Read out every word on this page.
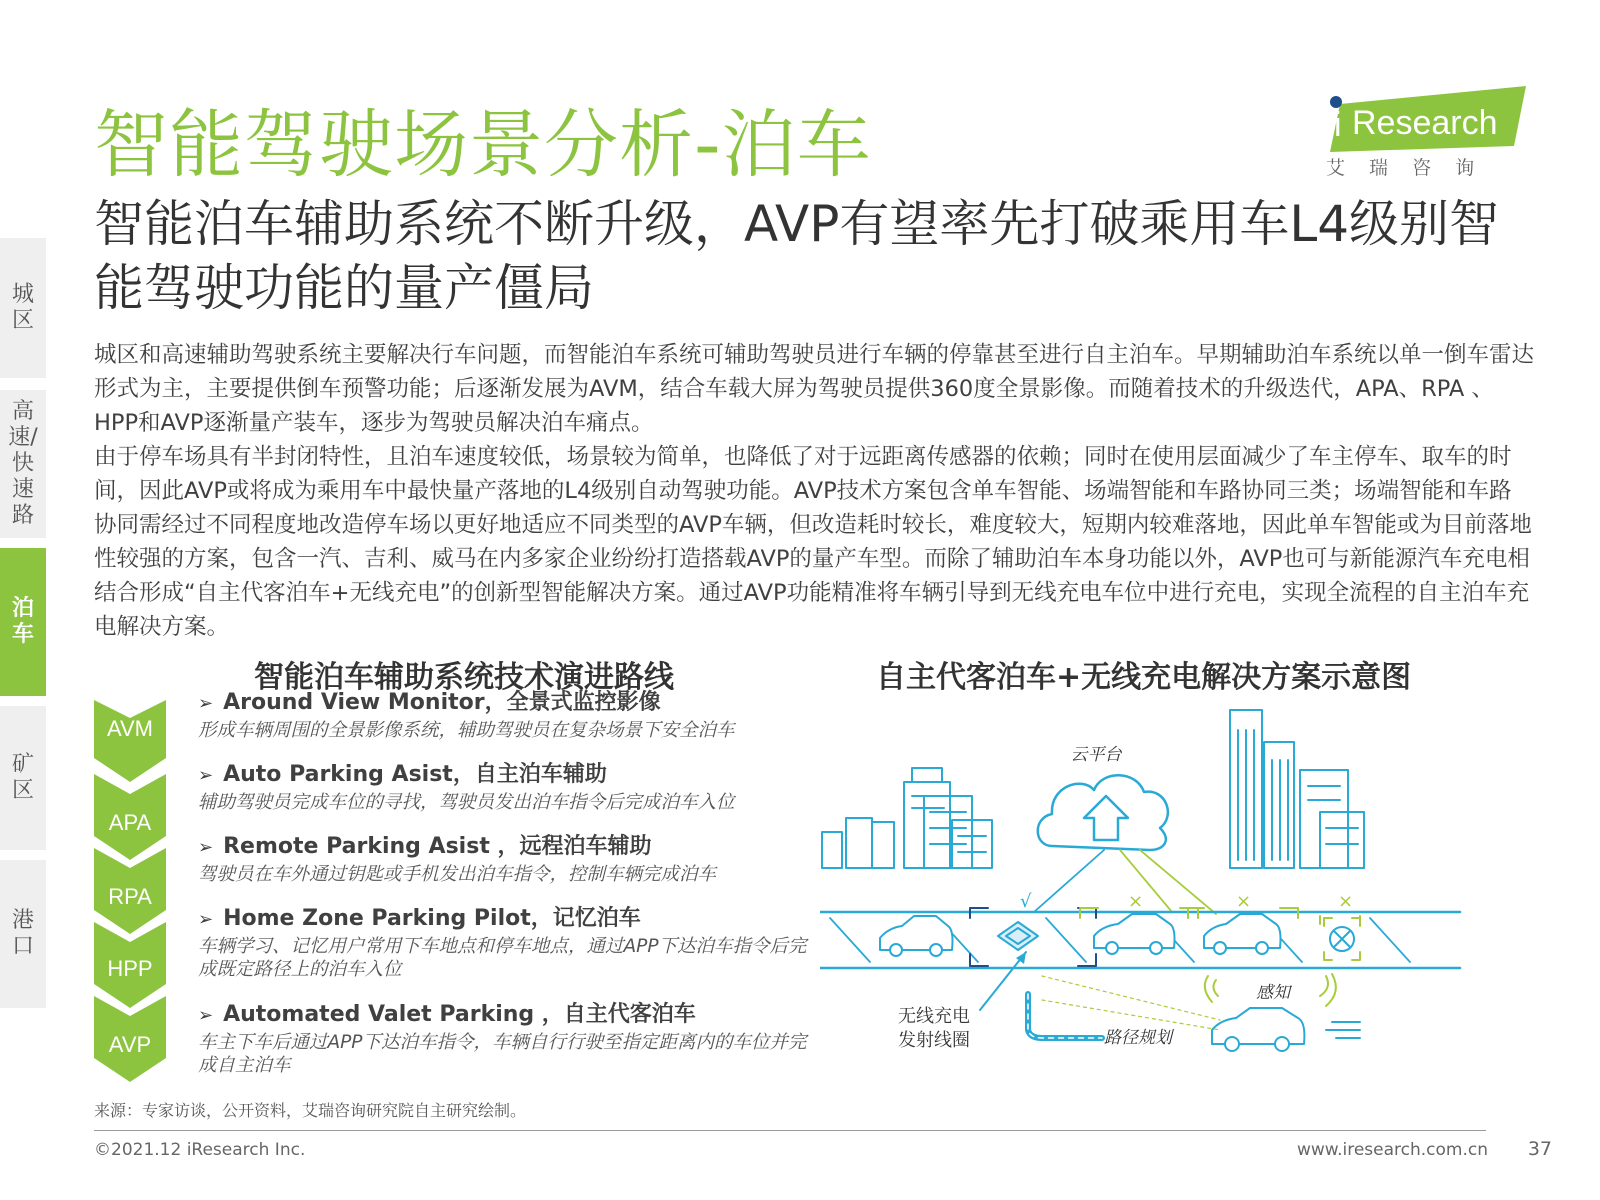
智能驾驶场景分析-泊车	i Research
艾 瑞 咨 询
智能泊车辅助系统不断升级，AVP有望率先打破乘用车L4级别智能驾驶功能的量产僵局
城区
高速/快速路
泊车
矿区
港口

城区和高速辅助驾驶系统主要解决行车问题，而智能泊车系统可辅助驾驶员进行车辆的停靠甚至进行自主泊车。早期辅助泊车系统以单一倒车雷达形式为主，主要提供倒车预警功能；后逐渐发展为AVM，结合车载大屏为驾驶员提供360度全景影像。而随着技术的升级迭代，APA、RPA 、HPP和AVP逐渐量产装车，逐步为驾驶员解决泊车痛点。

由于停车场具有半封闭特性，且泊车速度较低，场景较为简单，也降低了对于远距离传感器的依赖；同时在使用层面减少了车主停车、取车的时间，因此AVP或将成为乘用车中最快量产落地的L4级别自动驾驶功能。AVP技术方案包含单车智能、场端智能和车路协同三类；场端智能和车路协同需经过不同程度地改造停车场以更好地适应不同类型的AVP车辆，但改造耗时较长，难度较大，短期内较难落地，因此单车智能或为目前落地性较强的方案，包含一汽、吉利、威马在内多家企业纷纷打造搭载AVP的量产车型。而除了辅助泊车本身功能以外，AVP也可与新能源汽车充电相结合形成“自主代客泊车+无线充电”的创新型智能解决方案。通过AVP功能精准将车辆引导到无线充电车位中进行充电，实现全流程的自主泊车充电解决方案。

智能泊车辅助系统技术演进路线	自主代客泊车+无线充电解决方案示意图
AVM
APA
RPA
HPP
AVP
➢ Around View Monitor，全景式监控影像
形成车辆周围的全景影像系统，辅助驾驶员在复杂场景下安全泊车
➢ Auto Parking Asist，自主泊车辅助
辅助驾驶员完成车位的寻找，驾驶员发出泊车指令后完成泊车入位
➢ Remote Parking Asist ，远程泊车辅助
驾驶员在车外通过钥匙或手机发出泊车指令，控制车辆完成泊车
➢ Home Zone Parking Pilot，记忆泊车
车辆学习、记忆用户常用下车地点和停车地点，通过APP下达泊车指令后完成既定路径上的泊车入位
➢ Automated Valet Parking ，自主代客泊车
车主下车后通过APP下达泊车指令，车辆自行行驶至指定距离内的车位并完成自主泊车
云平台
√	×	×	×
无线充电
发射线圈	路径规划
感知
来源：专家访谈，公开资料，艾瑞咨询研究院自主研究绘制。
©2021.12 iResearch Inc.	www.iresearch.com.cn 37
